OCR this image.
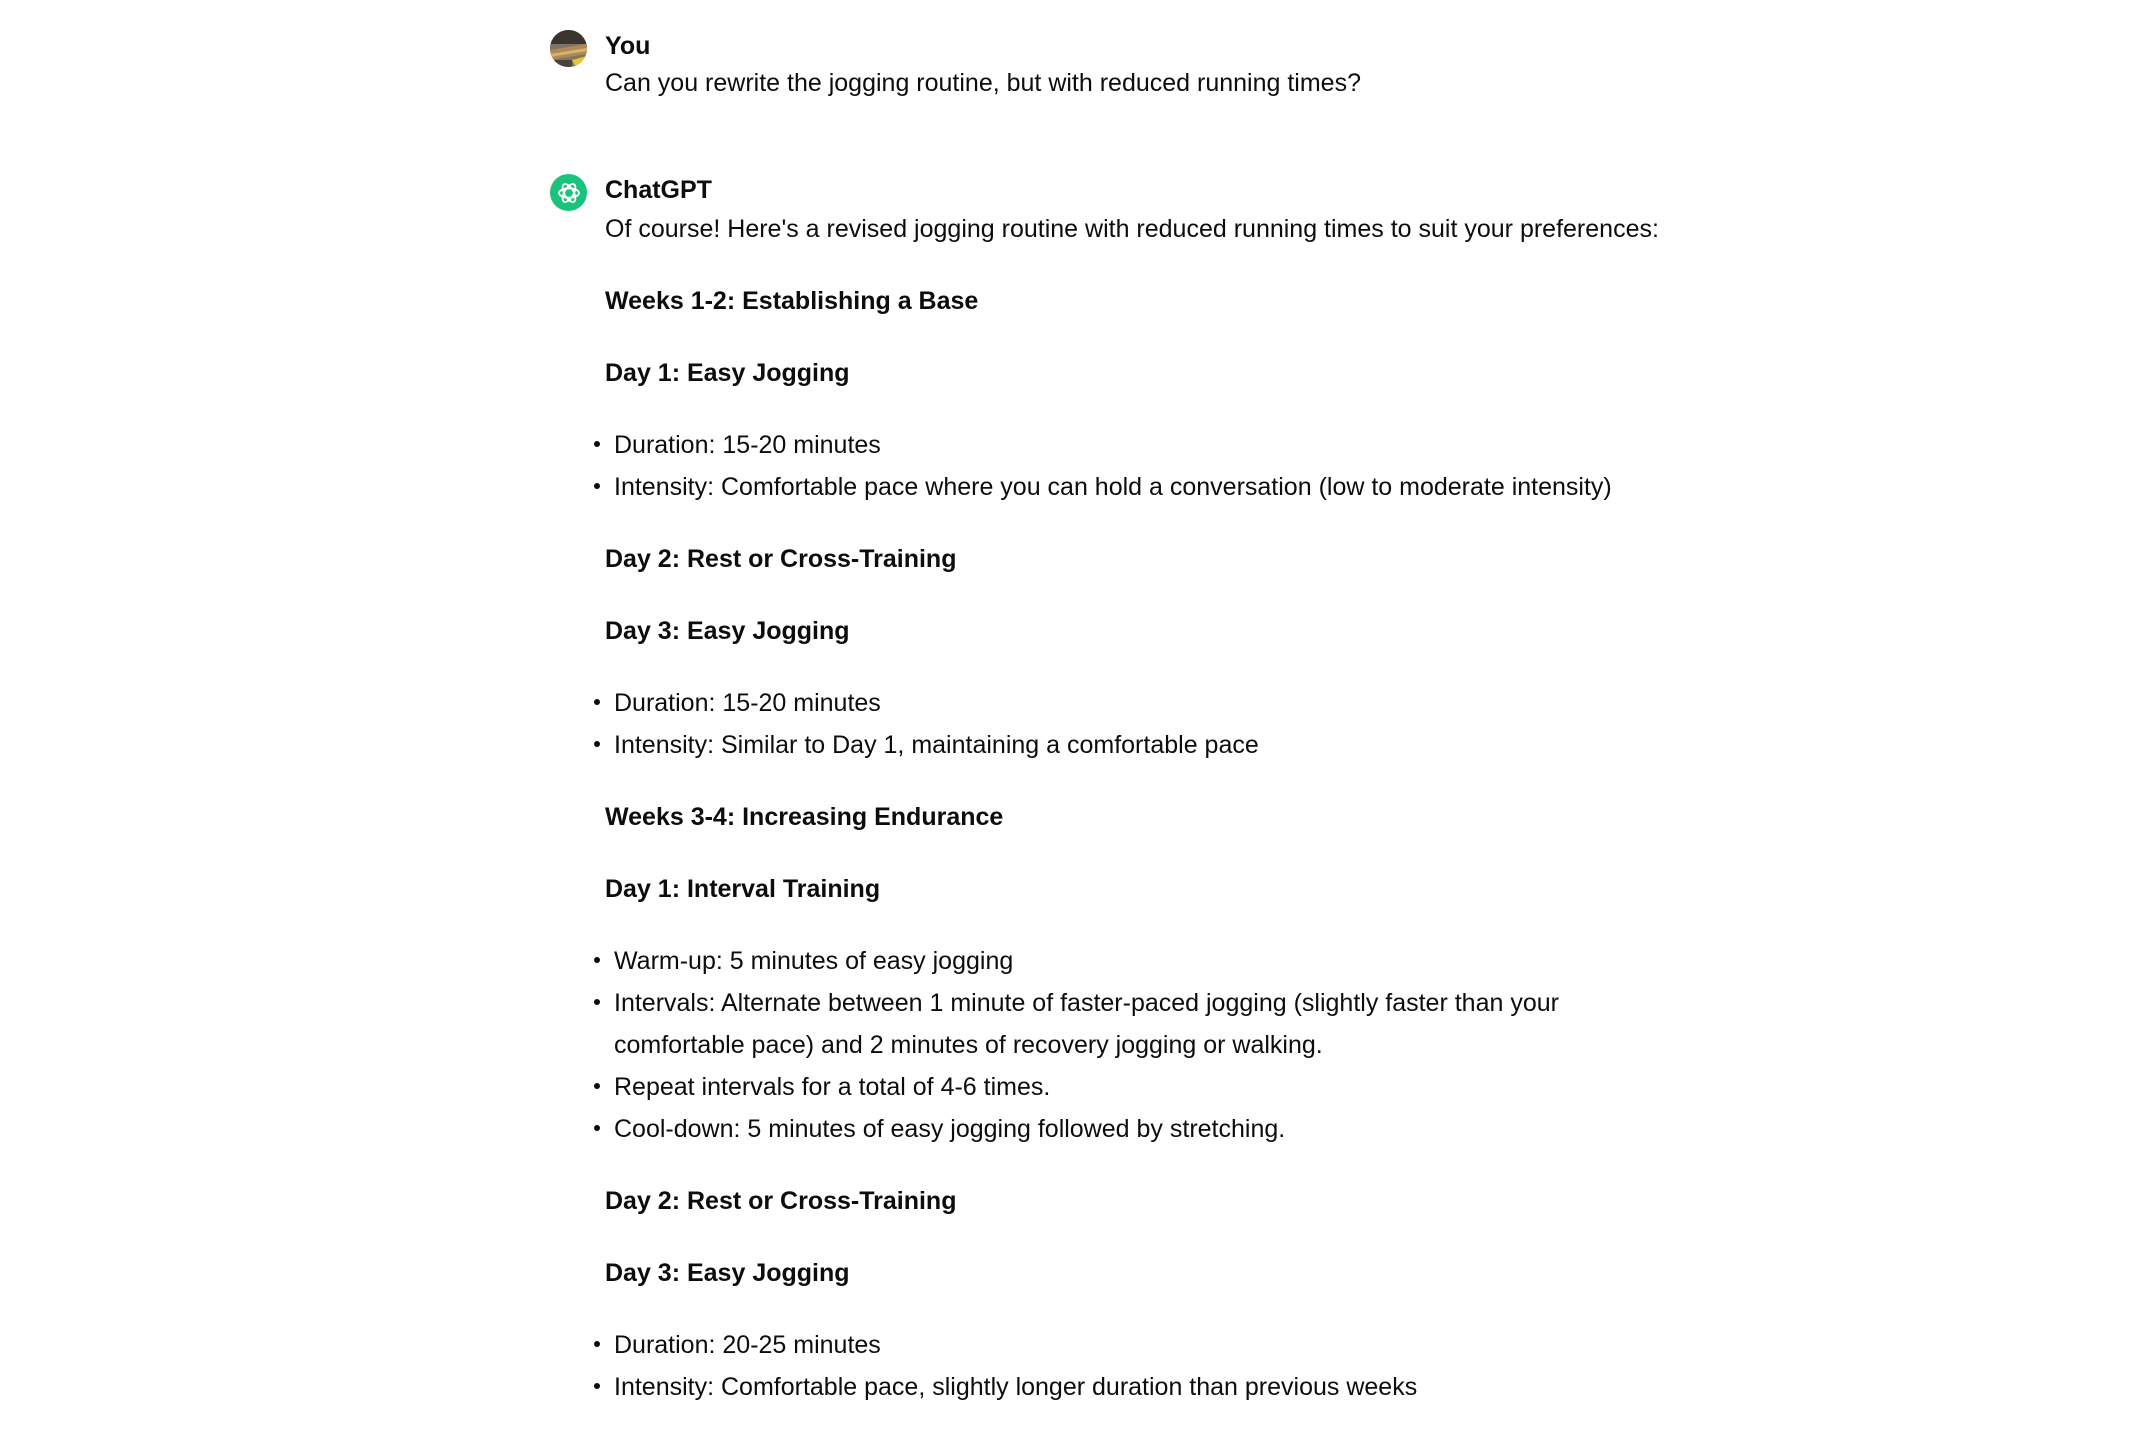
You

Can you rewrite the jogging routine, but with reduced running times?

ChatGPT

Of course! Here's a revised jogging routine with reduced running times to suit your preferences:

Weeks 1-2: Establishing a Base

Day 1: Easy Jogging

Duration: 15-20 minutes
Intensity: Comfortable pace where you can hold a conversation (low to moderate intensity)

Day 2: Rest or Cross-Training

Day 3: Easy Jogging

Duration: 15-20 minutes
Intensity: Similar to Day 1, maintaining a comfortable pace

Weeks 3-4: Increasing Endurance

Day 1: Interval Training

Warm-up: 5 minutes of easy jogging
Intervals: Alternate between 1 minute of faster-paced jogging (slightly faster than your comfortable pace) and 2 minutes of recovery jogging or walking.
Repeat intervals for a total of 4-6 times.
Cool-down: 5 minutes of easy jogging followed by stretching.

Day 2: Rest or Cross-Training

Day 3: Easy Jogging

Duration: 20-25 minutes
Intensity: Comfortable pace, slightly longer duration than previous weeks
